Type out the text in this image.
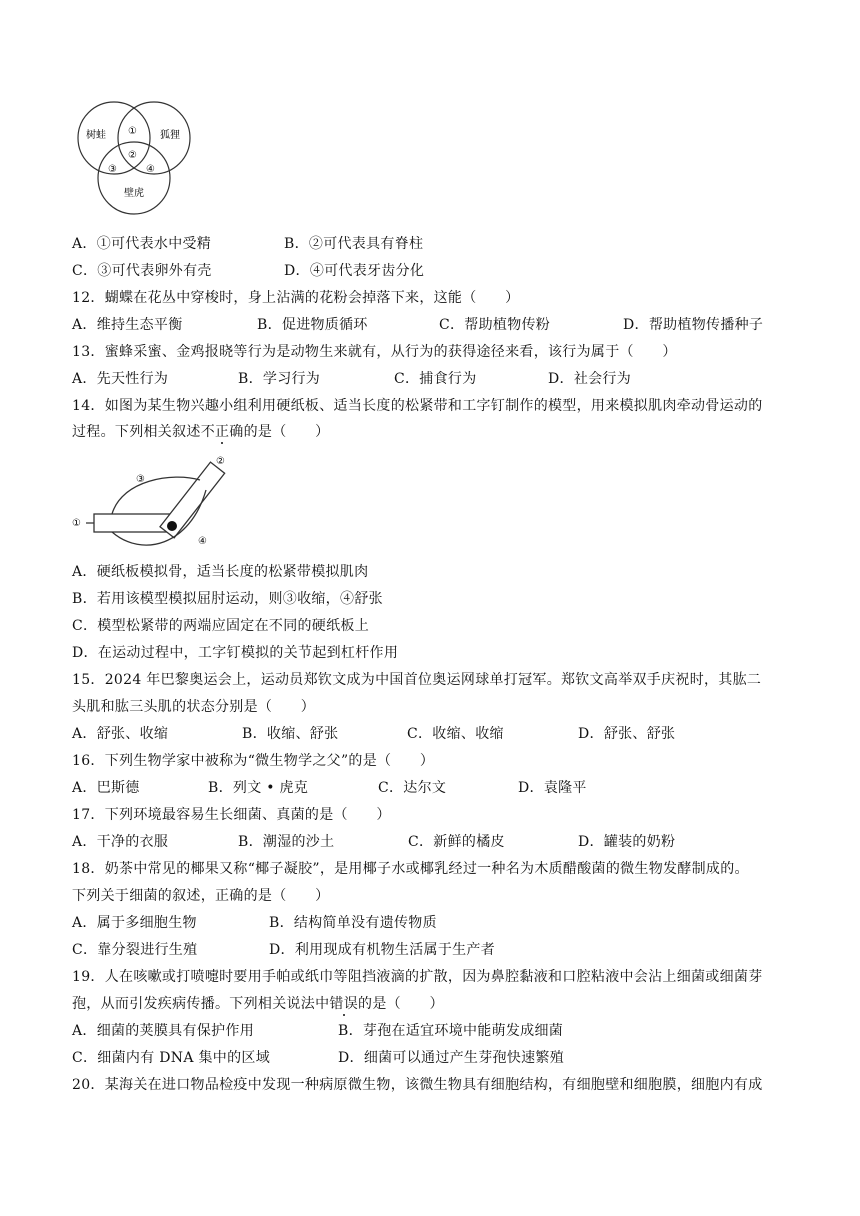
树蛙	狐狸
壁虎
①
②
③	④
A．①可代表水中受精	B．②可代表具有脊柱
C．③可代表卵外有壳	D．④可代表牙齿分化
12．蝴蝶在花丛中穿梭时，身上沾满的花粉会掉落下来，这能（　　）
A．维持生态平衡	B．促进物质循环	C．帮助植物传粉	D．帮助植物传播种子
13．蜜蜂采蜜、金鸡报晓等行为是动物生来就有，从行为的获得途径来看，该行为属于（　　）
A．先天性行为	B．学习行为	C．捕食行为	D．社会行为
14．如图为某生物兴趣小组利用硬纸板、适当长度的松紧带和工字钉制作的模型，用来模拟肌肉牵动骨运动的
过程。下列相关叙述不正确的是（　　）
①
②
③
④
A．硬纸板模拟骨，适当长度的松紧带模拟肌肉
B．若用该模型模拟屈肘运动，则③收缩，④舒张
C．模型松紧带的两端应固定在不同的硬纸板上
D．在运动过程中，工字钉模拟的关节起到杠杆作用
15．2024 年巴黎奥运会上，运动员郑钦文成为中国首位奥运网球单打冠军。郑钦文高举双手庆祝时，其肱二
头肌和肱三头肌的状态分别是（　　）
A．舒张、收缩	B．收缩、舒张	C．收缩、收缩	D．舒张、舒张
16．下列生物学家中被称为“微生物学之父”的是（　　）
A．巴斯德	B．列文 • 虎克	C．达尔文	D．袁隆平
17．下列环境最容易生长细菌、真菌的是（　　）
A．干净的衣服	B．潮湿的沙土	C．新鲜的橘皮	D．罐装的奶粉
18．奶茶中常见的椰果又称“椰子凝胶”，是用椰子水或椰乳经过一种名为木质醋酸菌的微生物发酵制成的。
下列关于细菌的叙述，正确的是（　　）
A．属于多细胞生物	B．结构简单没有遗传物质
C．靠分裂进行生殖	D．利用现成有机物生活属于生产者
19．人在咳嗽或打喷嚏时要用手帕或纸巾等阻挡液滴的扩散，因为鼻腔黏液和口腔粘液中会沾上细菌或细菌芽
孢，从而引发疾病传播。下列相关说法中错误的是（　　）
A．细菌的荚膜具有保护作用	B．芽孢在适宜环境中能萌发成细菌
C．细菌内有 DNA 集中的区域	D．细菌可以通过产生芽孢快速繁殖
20．某海关在进口物品检疫中发现一种病原微生物，该微生物具有细胞结构，有细胞壁和细胞膜，细胞内有成
